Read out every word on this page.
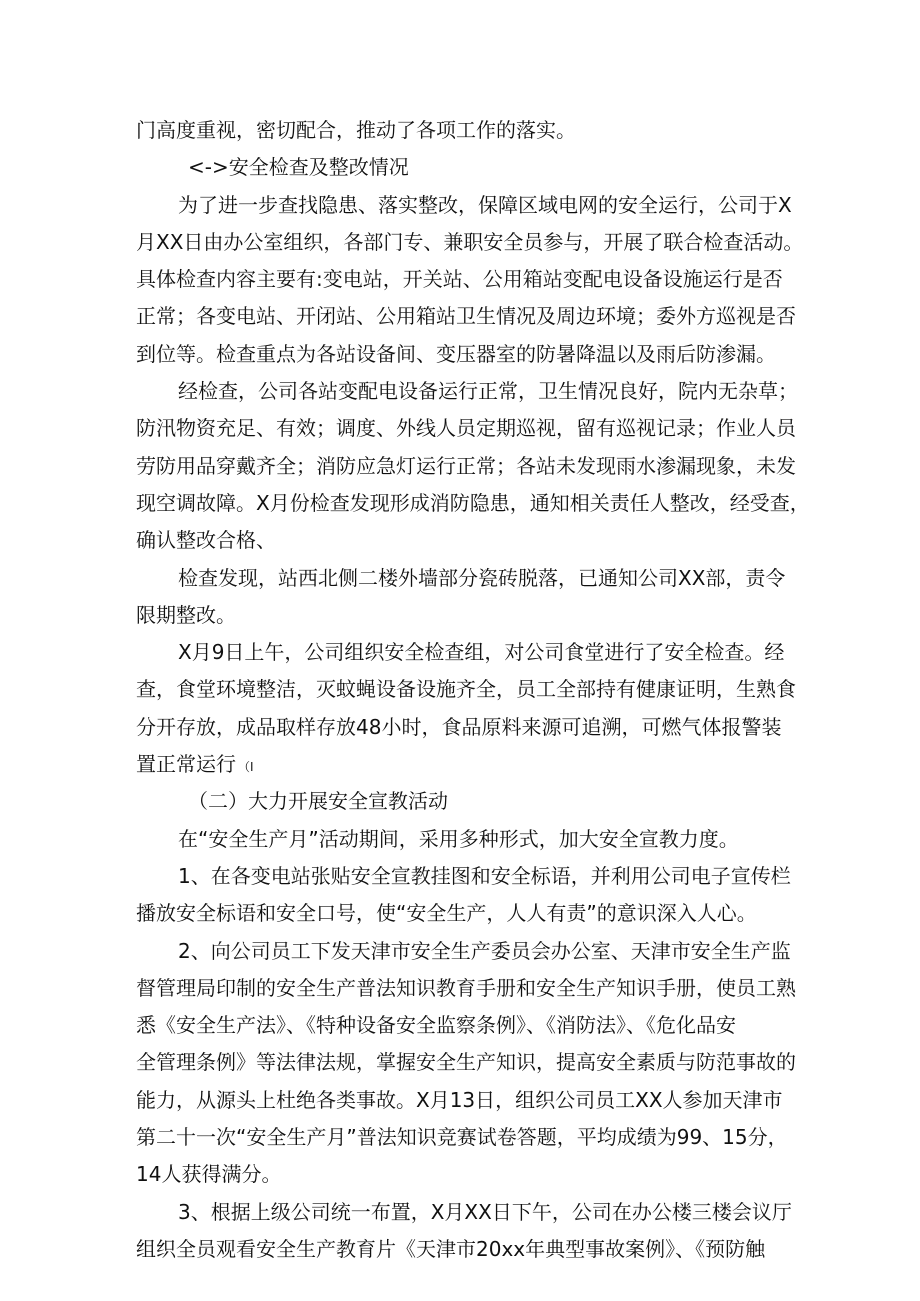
门高度重视，密切配合，推动了各项工作的落实。
<->安全检查及整改情况
为了进一步查找隐患、落实整改，保障区域电网的安全运行，公司于X
月XX日由办公室组织，各部门专、兼职安全员参与，开展了联合检查活动。
具体检查内容主要有:变电站，开关站、公用箱站变配电设备设施运行是否
正常；各变电站、开闭站、公用箱站卫生情况及周边环境；委外方巡视是否
到位等。检查重点为各站设备间、变压器室的防暑降温以及雨后防渗漏。
经检查，公司各站变配电设备运行正常，卫生情况良好，院内无杂草；
防汛物资充足、有效；调度、外线人员定期巡视，留有巡视记录；作业人员
劳防用品穿戴齐全；消防应急灯运行正常；各站未发现雨水渗漏现象，未发
现空调故障。X月份检查发现形成消防隐患，通知相关责任人整改，经受查，
确认整改合格、
检查发现，站西北侧二楼外墙部分瓷砖脱落，已通知公司XX部，责令
限期整改。
X月9日上午，公司组织安全检查组，对公司食堂进行了安全检查。经
查，食堂环境整洁，灭蚊蝇设备设施齐全，员工全部持有健康证明，生熟食
分开存放，成品取样存放48小时，食品原料来源可追溯，可燃气体报警装
置正常运行 （I
（二）大力开展安全宣教活动
在“安全生产月”活动期间，采用多种形式，加大安全宣教力度。
1、在各变电站张贴安全宣教挂图和安全标语，并利用公司电子宣传栏
播放安全标语和安全口号，使“安全生产，人人有责”的意识深入人心。
2、向公司员工下发天津市安全生产委员会办公室、天津市安全生产监
督管理局印制的安全生产普法知识教育手册和安全生产知识手册，使员工熟
悉《安全生产法》、《特种设备安全监察条例》、《消防法》、《危化品安
全管理条例》等法律法规，掌握安全生产知识，提高安全素质与防范事故的
能力，从源头上杜绝各类事故。X月13日，组织公司员工XX人参加天津市
第二十一次“安全生产月”普法知识竞赛试卷答题，平均成绩为99、15分，
14人获得满分。
3、根据上级公司统一布置，X月XX日下午，公司在办公楼三楼会议厅
组织全员观看安全生产教育片《天津市20xx年典型事故案例》、《预防触
